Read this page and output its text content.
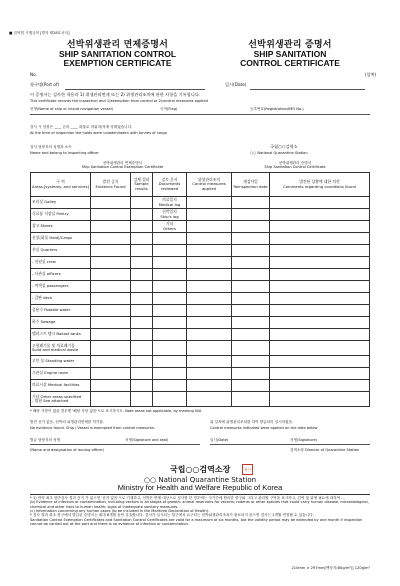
■ 검역법 시행규칙 [별지 제28호서식]
선박위생관리 면제증명서
SHIP SANITATION CONTROL
EXEMPTION CERTIFICATE
선박위생관리 증명서
SHIP SANITATION
CONTROL CERTIFICATE
No.	(앞쪽)
항구명(Port of)	일시(Date)
이 증명서는 검사한 내용과 1) 위생관리면제 또는 2) 위생관리조치에 관한 사항을 기록합니다.
This certificate records the inspection and 1)exemption from control or 2)control measures applied
선명(Name of ship or inland navigation vessel)	국적(Flag)	등록번호(Registration/IMO No.)
검사 시 선창은 ____ 톤의 ____ 화물로 비워져/적재 상태였습니다.
At the time of inspection the holds were unladen/laden with tonnes of cargo
검사 담당자의 성명과 소속
Name and belong to inspecting officer
국립○○검역소
○○ National Quarantine Station
선박위생관리 면제증명서
Ship Sanitation Control Exemption Certificate
선박위생관리 증명서
Ship Sanitation Control Certificate
구 역
Areas,[systems, and services]	발견 증거
Evidence Found	검체 결과
Sample results	검토 문서
Documents reviewed	위생관리조치
Control measures applied	재검사일
Reinspection date	발견된 상황에 대한 의견
Comments regarding conditions found
조리실 Galley			의료일지
Medical log			
식료품 저장실 Pantry			선박일지
Ship's log			
창고 Stores			기타
Others			
선창(화물 Hold)/Cargo						
선실 Quarters						
- 선원실 crew						
- 사관실 officers						
- 여객실 passengers						
- 갑판 deck						
음용수 Potable water						
하수 Sewage						
밸러스트 탱크 Ballast tanks						
고형폐기물 및 의료폐기물
Solid and medical waste						
고인 물 Standing water						
기관실 Engine room						
의료시설 Medical facilities						
기타 Other areas specified
- 별첨 See attached						
* 해당 사항이 없을 경우엔 '해당 사항 없음'으로 표시하시오. Note areas not applicable, by marking N/A
발견 증거 없음. 선박의 위생관리면제를 허가함.
No evidence found. Ship / Vessel is exempted from control measures.
위 일자에 위생관리조치를 하여 발급되어 실시하였음.
Control measures indicated were applied on the date below
발급 담당자의 성명	서명(Signature and seal)
(Name and designation of issuing officer)
일시(Date)	서명(Signature)
검역소장 Director of Quarantine Station
국립○○검역소장	직인
○○ National Quarantine Station
Ministry for Health and Welfare Republic of Korea
* 1) 만약 최초 항만검사 결과 증거 가 없으면 '증거 없음'으로 기재하고, 선박은 면제 대상으로 검사를 한 경우에는 국가간에 합의한 항구와 그리고 관리할 구역을 표시하고, 검역 및 위생 필요에 대하여 ...
(b) Evidence of infection or contamination, including vectors in all stages of growth; animal reservoirs for vectors; rodents or other species that could carry human disease, microbiological, chemical and other risks to human health; signs of inadequate sanitary measures.
(c) Information concerning any human cases (to be included in the Maritime Declaration of Health).
* 검사 결과 최초 항구에서 발급된 증명서는 최대 6개월 동안 유효합니다. 검사가 실시되는 항구에서 요구되는 선박위생관리조치가 완료되지 않으면 검사는 1개월 연장할 수 있습니다.
Sanitation Control Exemption Certificates and Sanitation Control Certificates are valid for a maximum of six months, but the validity period may be extended by one month if inspection cannot be carried out at the port and there is no evidence of infection or contamination.
210mm × 297mm[백상지(80g/m²)] 120g/m²
